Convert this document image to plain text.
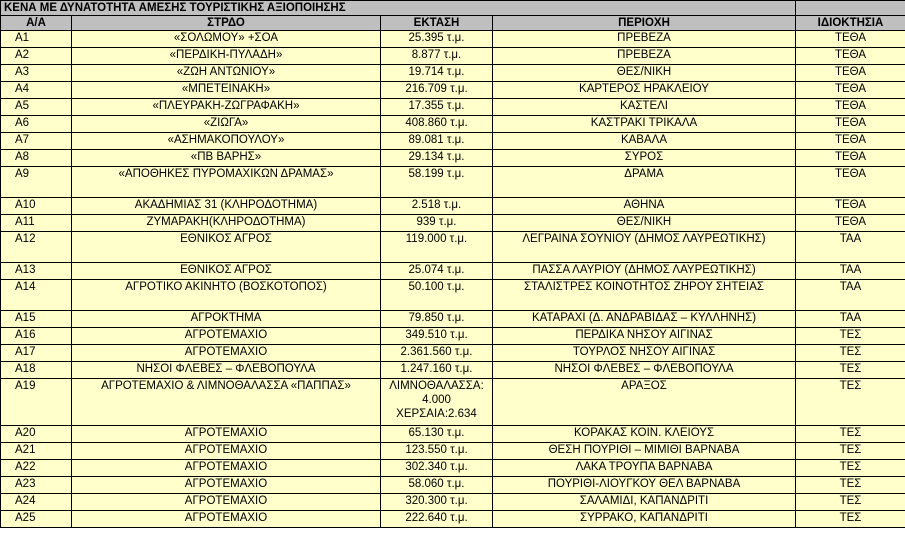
ΚΕΝΑ ΜΕ ΔΥΝΑΤΟΤΗΤΑ ΑΜΕΣΗΣ ΤΟΥΡΙΣΤΙΚΗΣ ΑΞΙΟΠΟΙΗΣΗΣ				
Α/Α	ΣΤΡΔΟ	ΕΚΤΑΣΗ	ΠΕΡΙΟΧΗ	ΙΔΙΟΚΤΗΣΙΑ
Α1	«ΣΟΛΩΜΟΥ» +ΣΟΑ	25.395 τ.μ.	ΠΡΕΒΕΖΑ	ΤΕΘΑ
Α2	«ΠΕΡΔΙΚΗ-ΠΥΛΑΔΗ»	8.877 τ.μ.	ΠΡΕΒΕΖΑ	ΤΕΘΑ
Α3	«ΖΩΗ ΑΝΤΩΝΙΟΥ»	19.714 τ.μ.	ΘΕΣ/ΝΙΚΗ	ΤΕΘΑ
Α4	«ΜΠΕΤΕΙΝΑΚΗ»	216.709 τ.μ.	ΚΑΡΤΕΡΟΣ ΗΡΑΚΛΕΙΟΥ	ΤΕΘΑ
Α5	«ΠΛΕΥΡΑΚΗ-ΖΩΓΡΑΦΑΚΗ»	17.355 τ.μ.	ΚΑΣΤΕΛΙ	ΤΕΘΑ
Α6	«ΖΙΩΓΑ»	408.860 τ.μ.	ΚΑΣΤΡΑΚΙ ΤΡΙΚΑΛΑ	ΤΕΘΑ
Α7	«ΑΣΗΜΑΚΟΠΟΥΛΟΥ»	89.081 τ.μ.	ΚΑΒΑΛΑ	ΤΕΘΑ
Α8	«ΠΒ ΒΑΡΗΣ»	29.134 τ.μ.	ΣΥΡΟΣ	ΤΕΘΑ
Α9	«ΑΠΟΘΗΚΕΣ ΠΥΡΟΜΑΧΙΚΩΝ ΔΡΑΜΑΣ»	58.199 τ.μ.	ΔΡΑΜΑ	ΤΕΘΑ
Α10	ΑΚΑΔΗΜΙΑΣ 31 (ΚΛΗΡΟΔΟΤΗΜΑ)	2.518 τ.μ.	ΑΘΗΝΑ	ΤΕΘΑ
Α11	ΖΥΜΑΡΑΚΗ(ΚΛΗΡΟΔΟΤΗΜΑ)	939 τ.μ.	ΘΕΣ/ΝΙΚΗ	ΤΕΘΑ
Α12	ΕΘΝΙΚΟΣ ΑΓΡΟΣ	119.000 τ.μ.	ΛΕΓΡΑΙΝΑ ΣΟΥΝΙΟΥ (ΔΗΜΟΣ ΛΑΥΡΕΩΤΙΚΗΣ)	ΤΑΑ
Α13	ΕΘΝΙΚΟΣ ΑΓΡΟΣ	25.074 τ.μ.	ΠΑΣΣΑ ΛΑΥΡΙΟΥ (ΔΗΜΟΣ ΛΑΥΡΕΩΤΙΚΗΣ)	ΤΑΑ
Α14	ΑΓΡΟΤΙΚΟ ΑΚΙΝΗΤΟ (ΒΟΣΚΟΤΟΠΟΣ)	50.100 τ.μ.	ΣΤΑΛΙΣΤΡΕΣ ΚΟΙΝΟΤΗΤΟΣ ΖΗΡΟΥ ΣΗΤΕΙΑΣ	ΤΑΑ
Α15	ΑΓΡΟΚΤΗΜΑ	79.850 τ.μ.	ΚΑΤΑΡΑΧΙ (Δ. ΑΝΔΡΑΒΙΔΑΣ – ΚΥΛΛΗΝΗΣ)	ΤΑΑ
Α16	ΑΓΡΟΤΕΜΑΧΙΟ	349.510 τ.μ.	ΠΕΡΔΙΚΑ ΝΗΣΟΥ ΑΙΓΙΝΑΣ	ΤΕΣ
Α17	ΑΓΡΟΤΕΜΑΧΙΟ	2.361.560 τ.μ.	ΤΟΥΡΛΟΣ ΝΗΣΟΥ ΑΙΓΙΝΑΣ	ΤΕΣ
Α18	ΝΗΣΟΙ ΦΛΕΒΕΣ – ΦΛΕΒΟΠΟΥΛΑ	1.247.160 τ.μ.	ΝΗΣΟΙ ΦΛΕΒΕΣ – ΦΛΕΒΟΠΟΥΛΑ	ΤΕΣ
Α19	ΑΓΡΟΤΕΜΑΧΙΟ & ΛΙΜΝΟΘΑΛΑΣΣΑ «ΠΑΠΠΑΣ»	ΛΙΜΝΟΘΑΛΑΣΣΑ: 4.000 ΧΕΡΣΑΙΑ:2.634	ΑΡΑΞΟΣ	ΤΕΣ
Α20	ΑΓΡΟΤΕΜΑΧΙΟ	65.130 τ.μ.	ΚΟΡΑΚΑΣ ΚΟΙΝ. ΚΛΕΙΟΥΣ	ΤΕΣ
Α21	ΑΓΡΟΤΕΜΑΧΙΟ	123.550 τ.μ.	ΘΕΣΗ ΠΟΥΡΙΘΙ – ΜΙΜΙΘΙ ΒΑΡΝΑΒΑ	ΤΕΣ
Α22	ΑΓΡΟΤΕΜΑΧΙΟ	302.340 τ.μ.	ΛΑΚΑ ΤΡΟΥΠΑ ΒΑΡΝΑΒΑ	ΤΕΣ
Α23	ΑΓΡΟΤΕΜΑΧΙΟ	58.060 τ.μ.	ΠΟΥΡΙΘΙ-ΛΙΟΥΓΚΟΥ ΘΕΛ ΒΑΡΝΑΒΑ	ΤΕΣ
Α24	ΑΓΡΟΤΕΜΑΧΙΟ	320.300 τ.μ.	ΣΑΛΑΜΙΔΙ, ΚΑΠΑΝΔΡΙΤΙ	ΤΕΣ
Α25	ΑΓΡΟΤΕΜΑΧΙΟ	222.640 τ.μ.	ΣΥΡΡΑΚΟ, ΚΑΠΑΝΔΡΙΤΙ	ΤΕΣ
